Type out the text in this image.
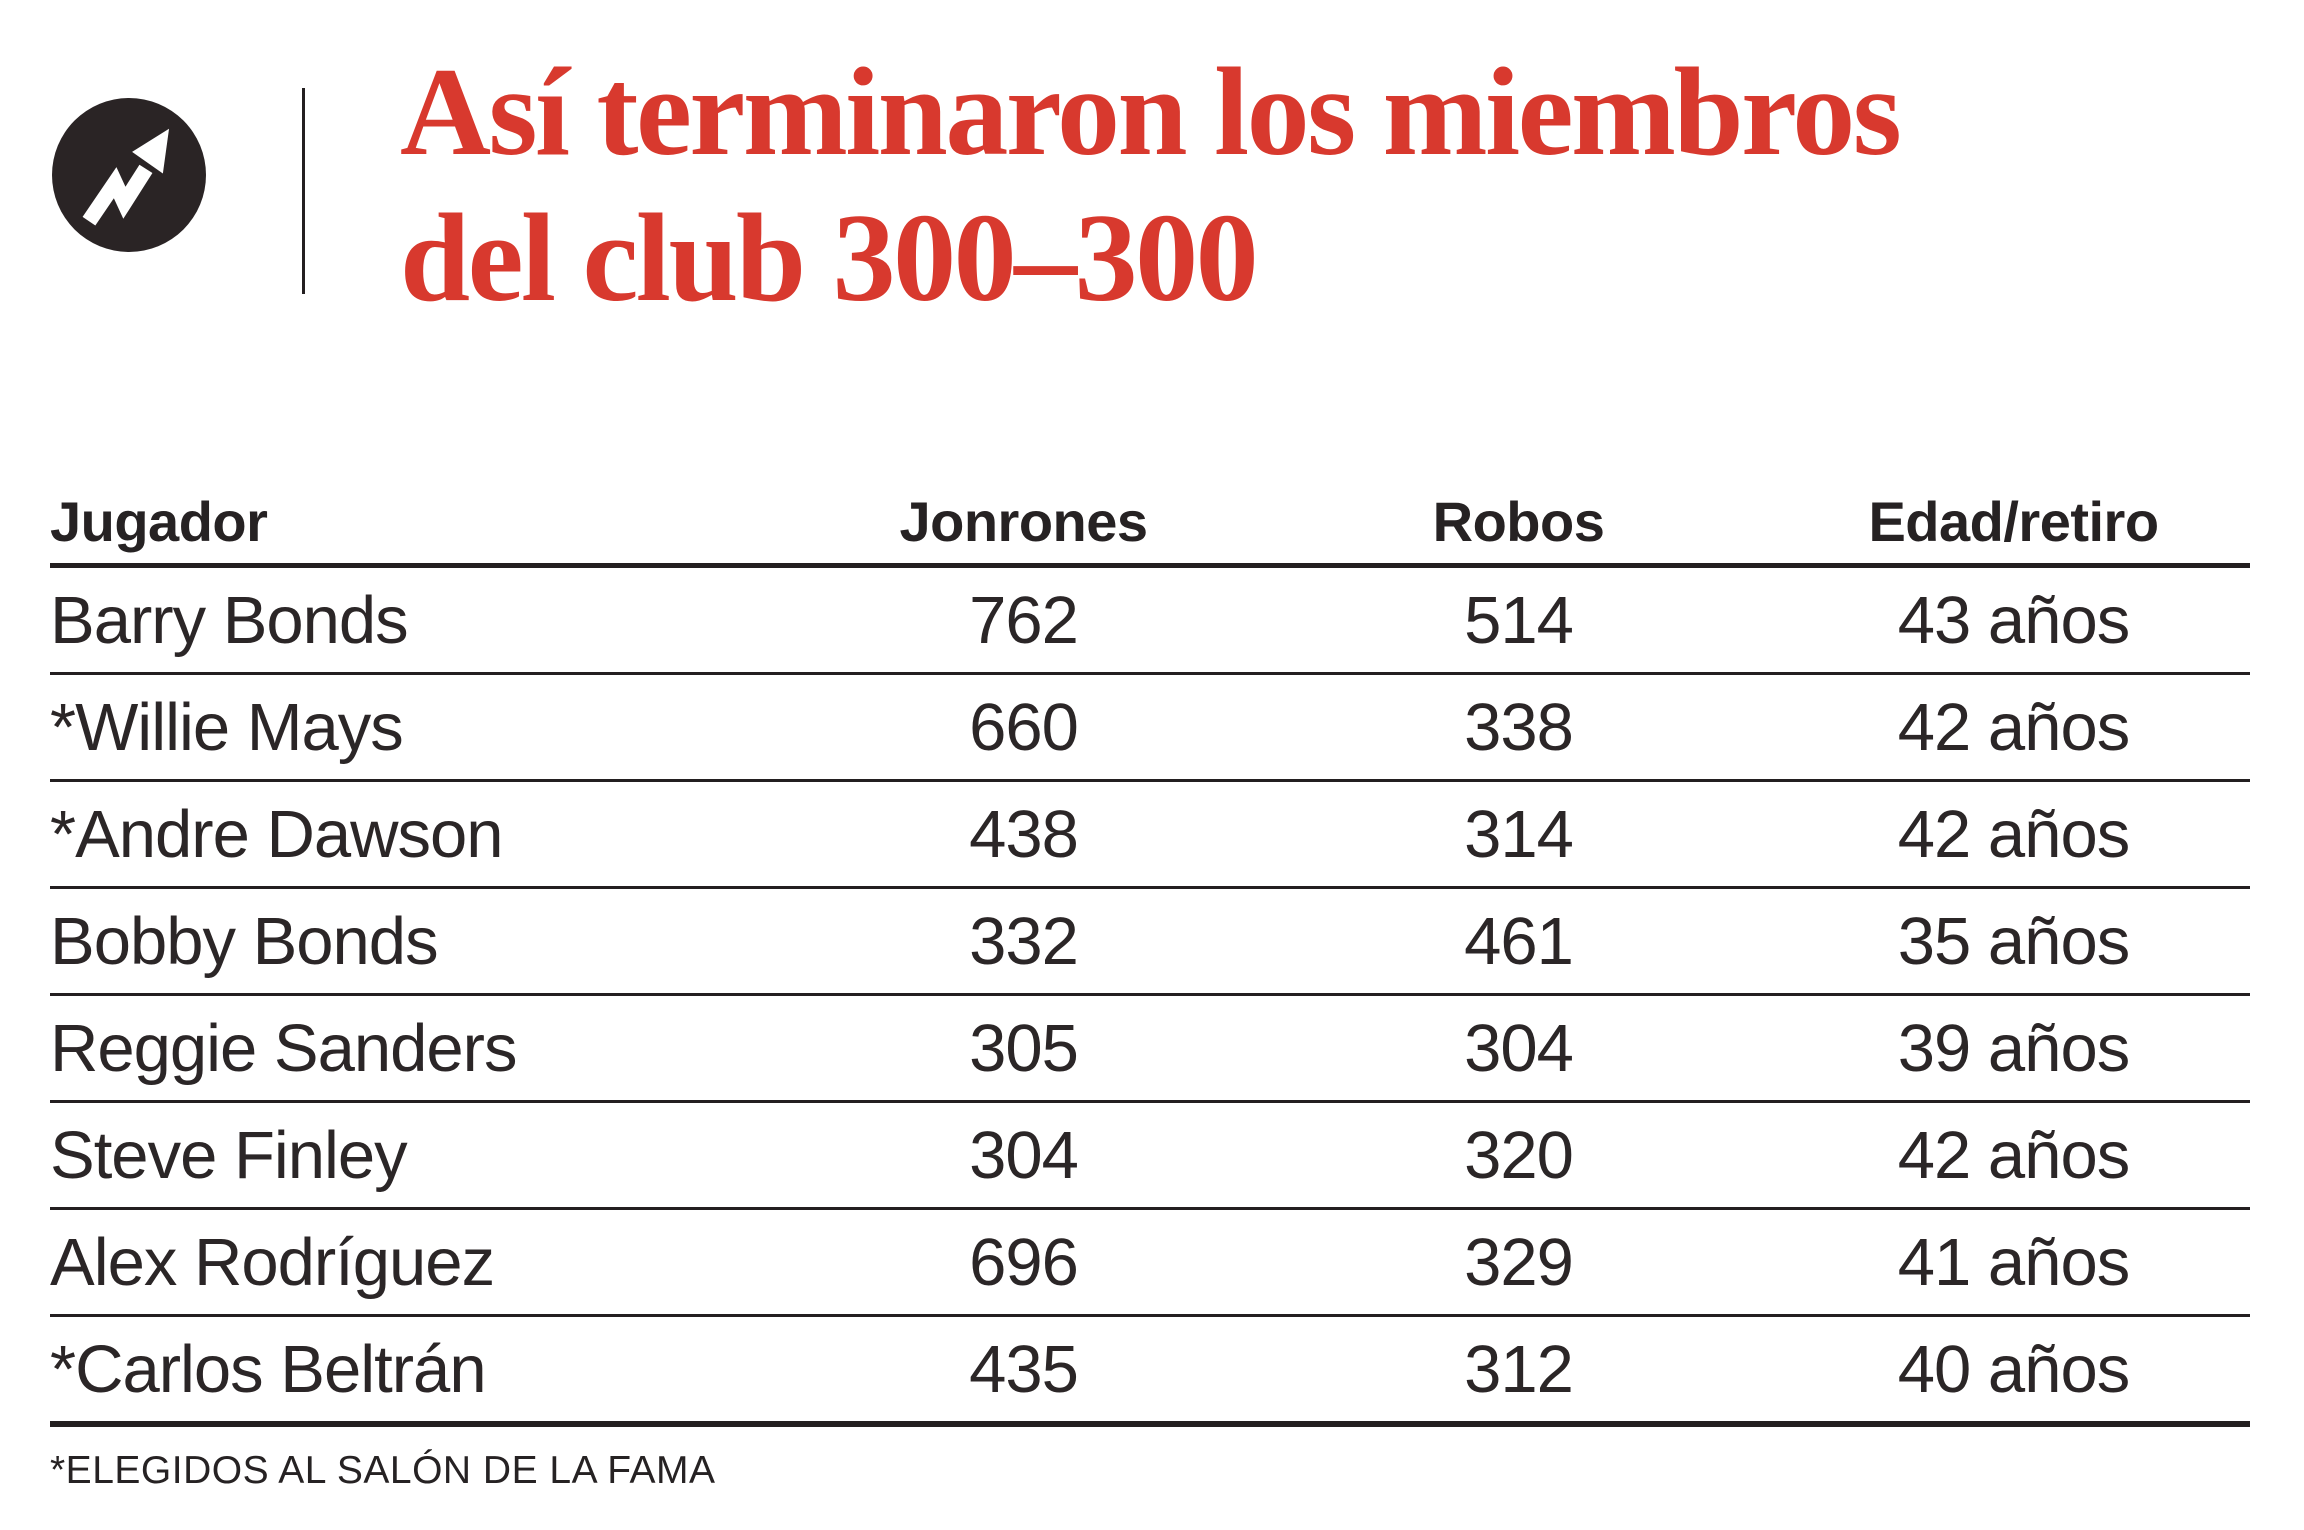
Así terminaron los miembros
del club 300–300
Jugador	Jonrones	Robos	Edad/retiro
Barry Bonds	762	514	43 años
*Willie Mays	660	338	42 años
*Andre Dawson	438	314	42 años
Bobby Bonds	332	461	35 años
Reggie Sanders	305	304	39 años
Steve Finley	304	320	42 años
Alex Rodríguez	696	329	41 años
*Carlos Beltrán	435	312	40 años
*ELEGIDOS AL SALÓN DE LA FAMA
